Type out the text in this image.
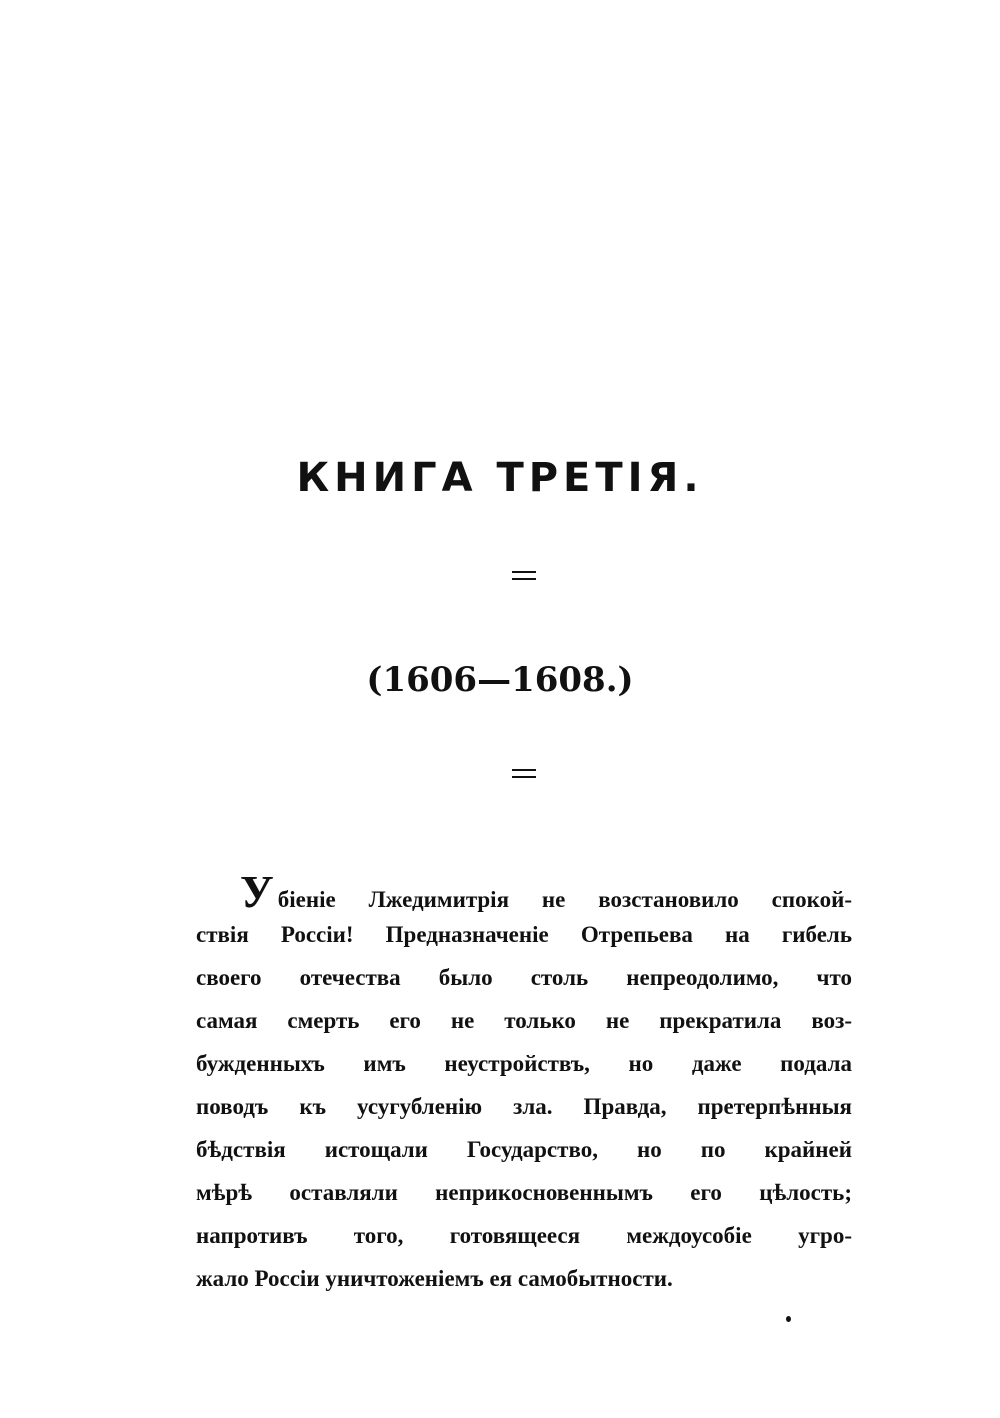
КНИГА ТРЕТІЯ.
(1606—1608.)
У біеніе Лжедимитрія не возстановило спокой-
ствія Россіи! Предназначеніе Отрепьева на гибель
своего отечества было столь непреодолимо, что
самая смерть его не только не прекратила воз-
бужденныхъ имъ неустройствъ, но даже подала
поводъ къ усугубленію зла. Правда, претерпѣнныя
бѣдствія истощали Государство, но по крайней
мѣрѣ оставляли неприкосновеннымъ его цѣлость;
напротивъ того, готовящееся междоусобіе угро-
жало Россіи уничтоженіемъ ея самобытности.
